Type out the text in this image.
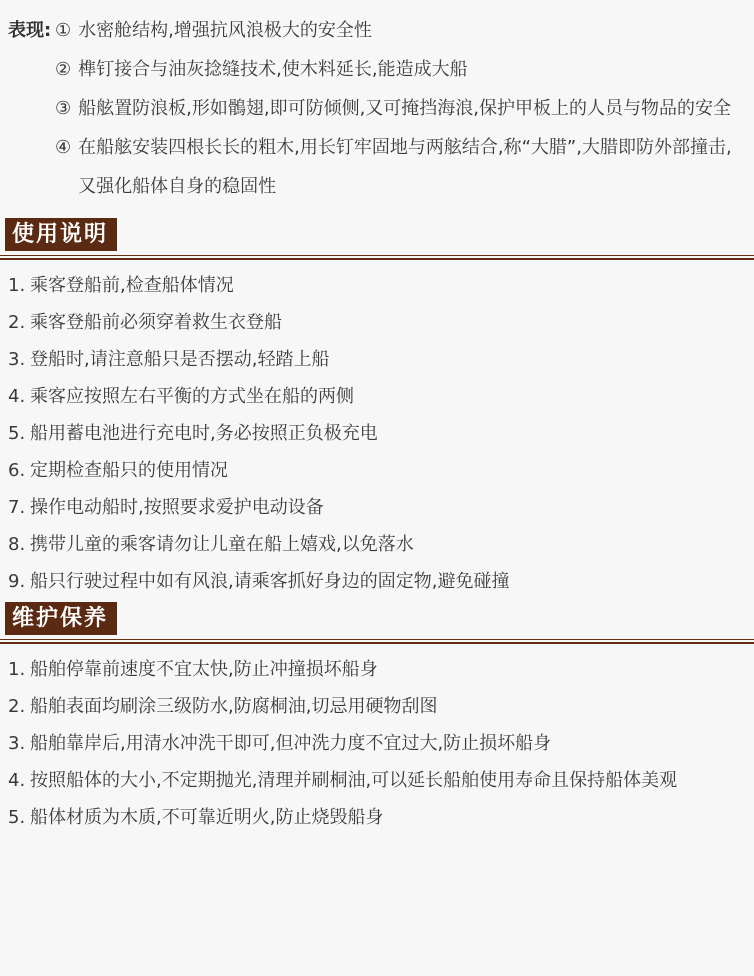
表现: ① 水密舱结构,增强抗风浪极大的安全性
② 榫钉接合与油灰捻缝技术,使木料延长,能造成大船
③ 船舷置防浪板,形如鶻翅,即可防倾侧,又可掩挡海浪,保护甲板上的人员与物品的安全
④ 在船舷安装四根长长的粗木,用长钉牢固地与两舷结合,称“大腊”,大腊即防外部撞击,又强化船体自身的稳固性
使用说明
1. 乘客登船前,检查船体情况
2. 乘客登船前必须穿着救生衣登船
3. 登船时,请注意船只是否摆动,轻踏上船
4. 乘客应按照左右平衡的方式坐在船的两侧
5. 船用蓄电池进行充电时,务必按照正负极充电
6. 定期检查船只的使用情况
7. 操作电动船时,按照要求爱护电动设备
8. 携带儿童的乘客请勿让儿童在船上嬉戏,以免落水
9. 船只行驶过程中如有风浪,请乘客抓好身边的固定物,避免碰撞
维护保养
1. 船舶停靠前速度不宜太快,防止冲撞损坏船身
2. 船舶表面均刷涂三级防水,防腐桐油,切忌用硬物刮图
3. 船舶靠岸后,用清水冲洗干即可,但冲洗力度不宜过大,防止损坏船身
4. 按照船体的大小,不定期抛光,清理并刷桐油,可以延长船舶使用寿命且保持船体美观
5. 船体材质为木质,不可靠近明火,防止烧毁船身
